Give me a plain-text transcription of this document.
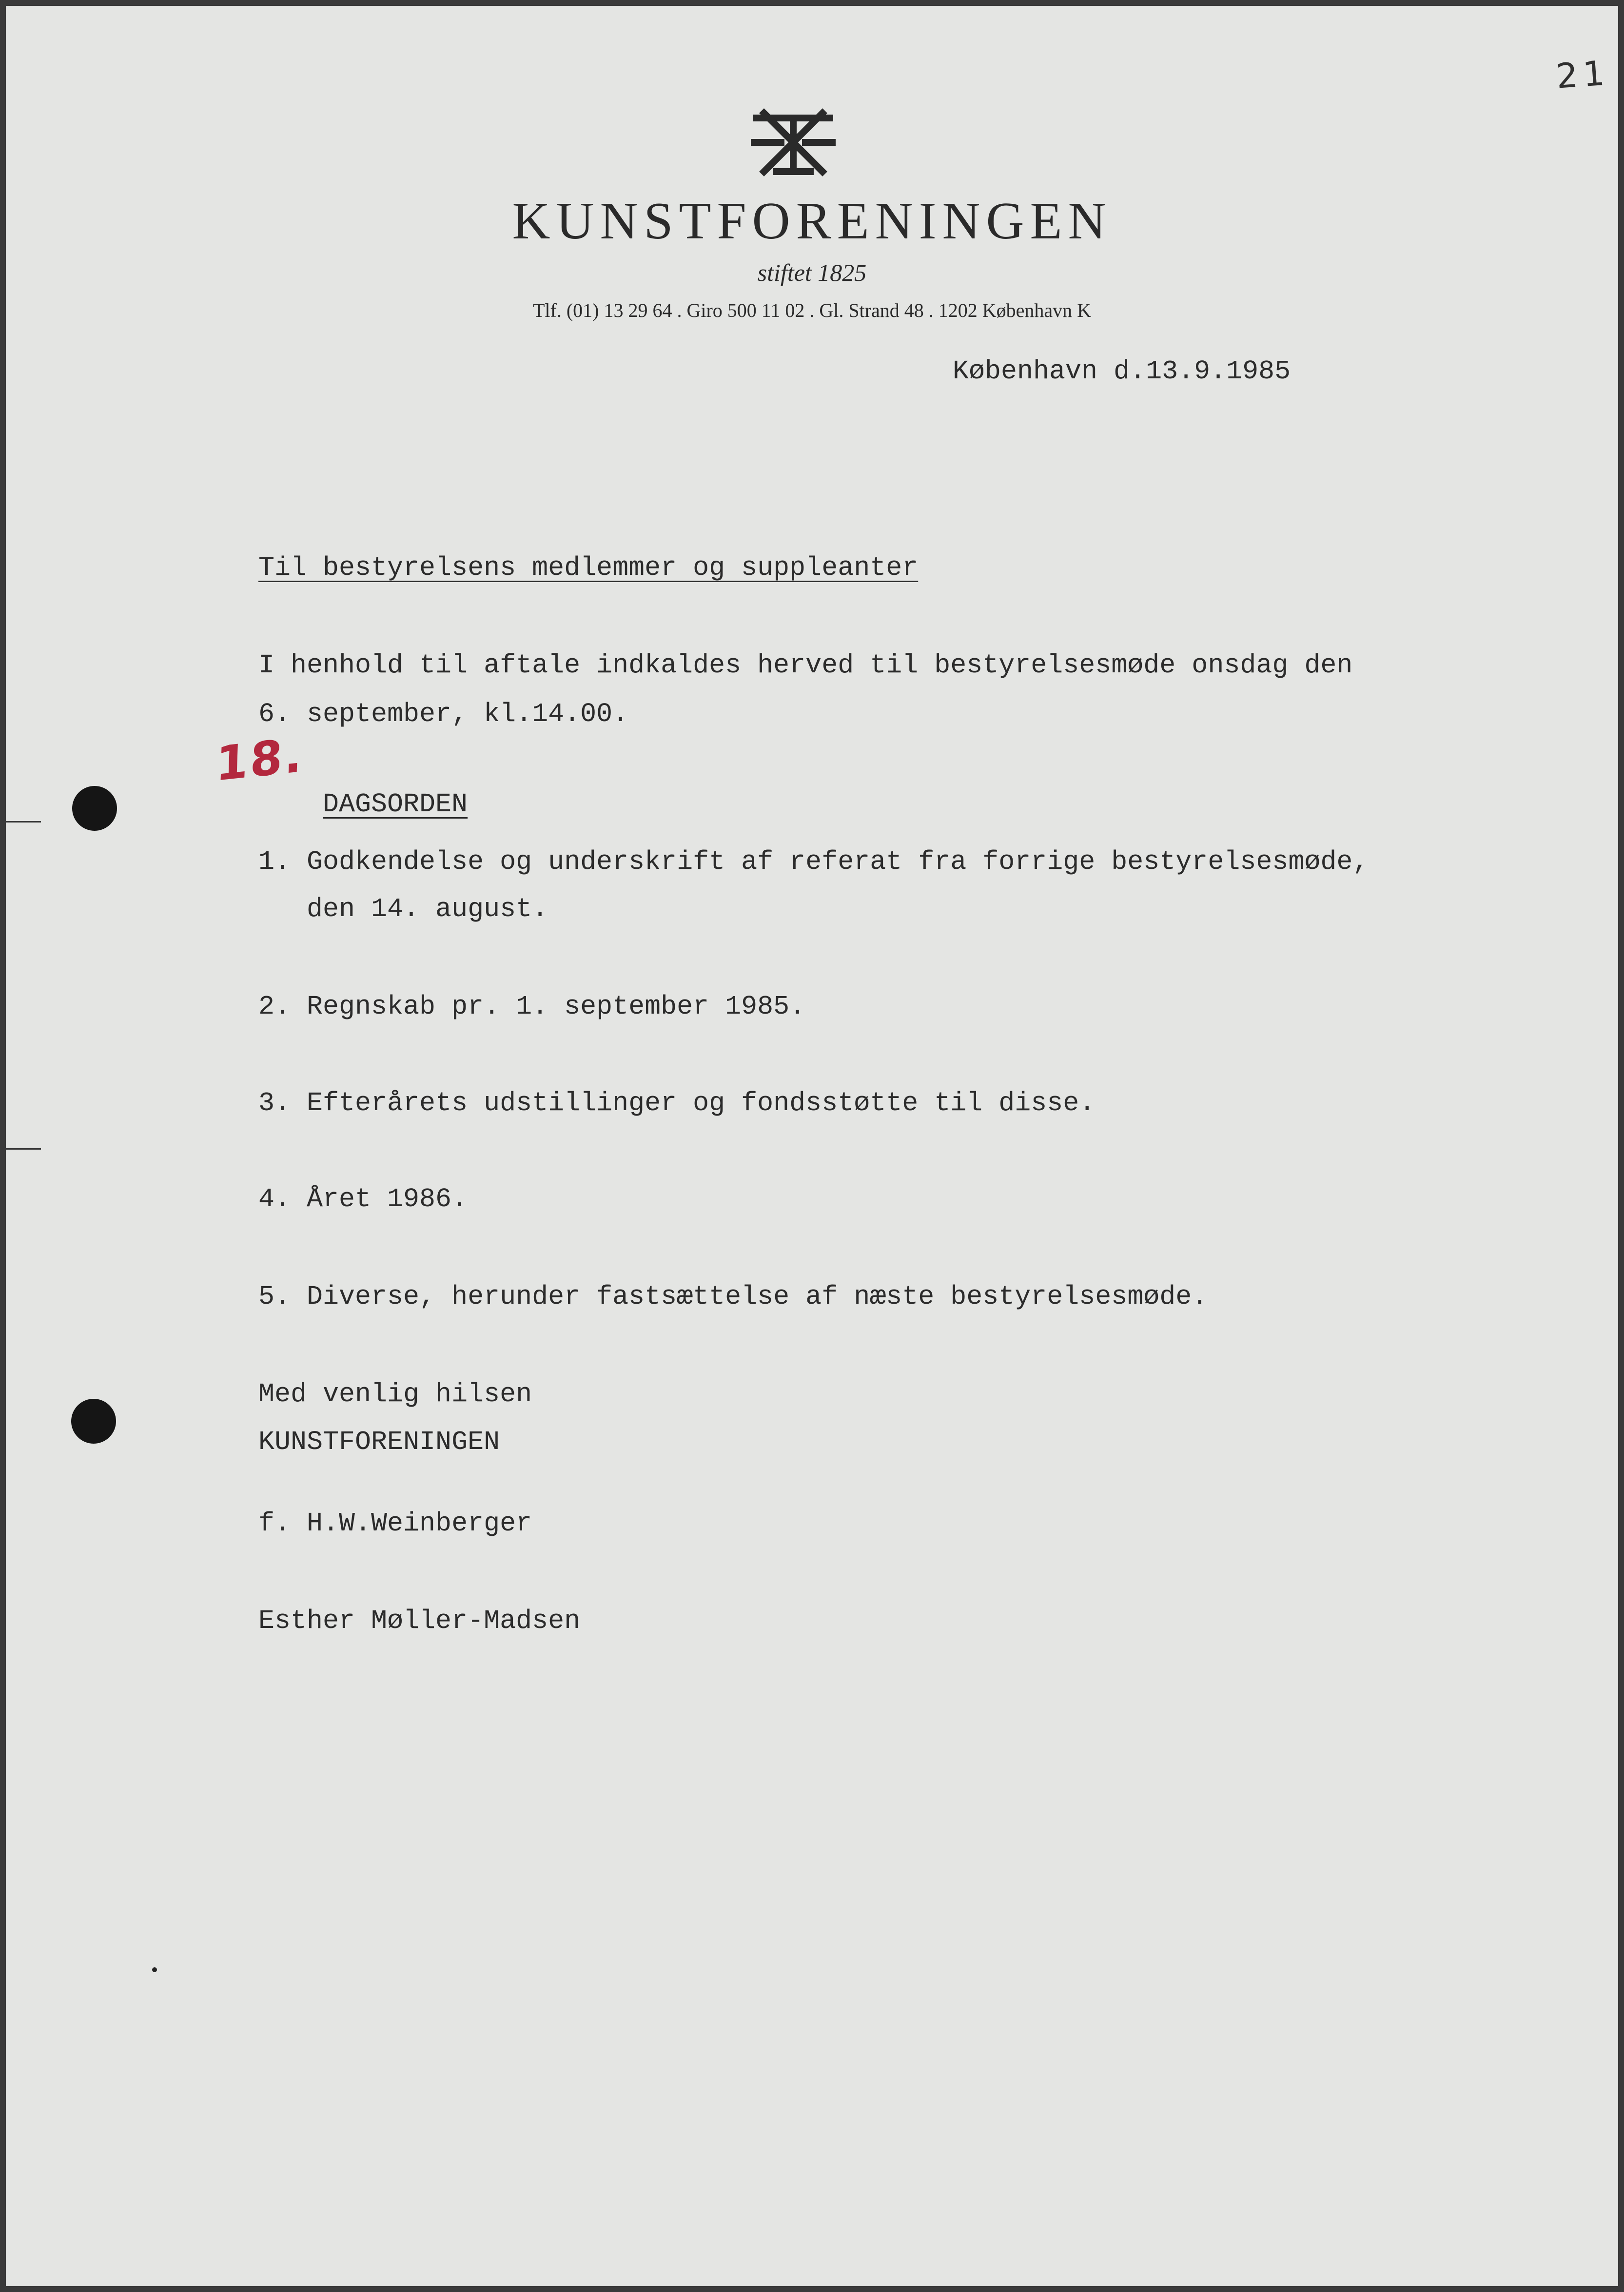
21
KUNSTFORENINGEN
stiftet 1825
Tlf. (01) 13 29 64 . Giro 500 11 02 . Gl. Strand 48 . 1202 København K
København d.13.9.1985
Til bestyrelsens medlemmer og suppleanter
I henhold til aftale indkaldes herved til bestyrelsesmøde onsdag den
6. september, kl.14.00.
18.
DAGSORDEN
1. Godkendelse og underskrift af referat fra forrige bestyrelsesmøde,
den 14. august.
2. Regnskab pr. 1. september 1985.
3. Efterårets udstillinger og fondsstøtte til disse.
4. Året 1986.
5. Diverse, herunder fastsættelse af næste bestyrelsesmøde.
Med venlig hilsen
KUNSTFORENINGEN
f. H.W.Weinberger
Esther Møller-Madsen
